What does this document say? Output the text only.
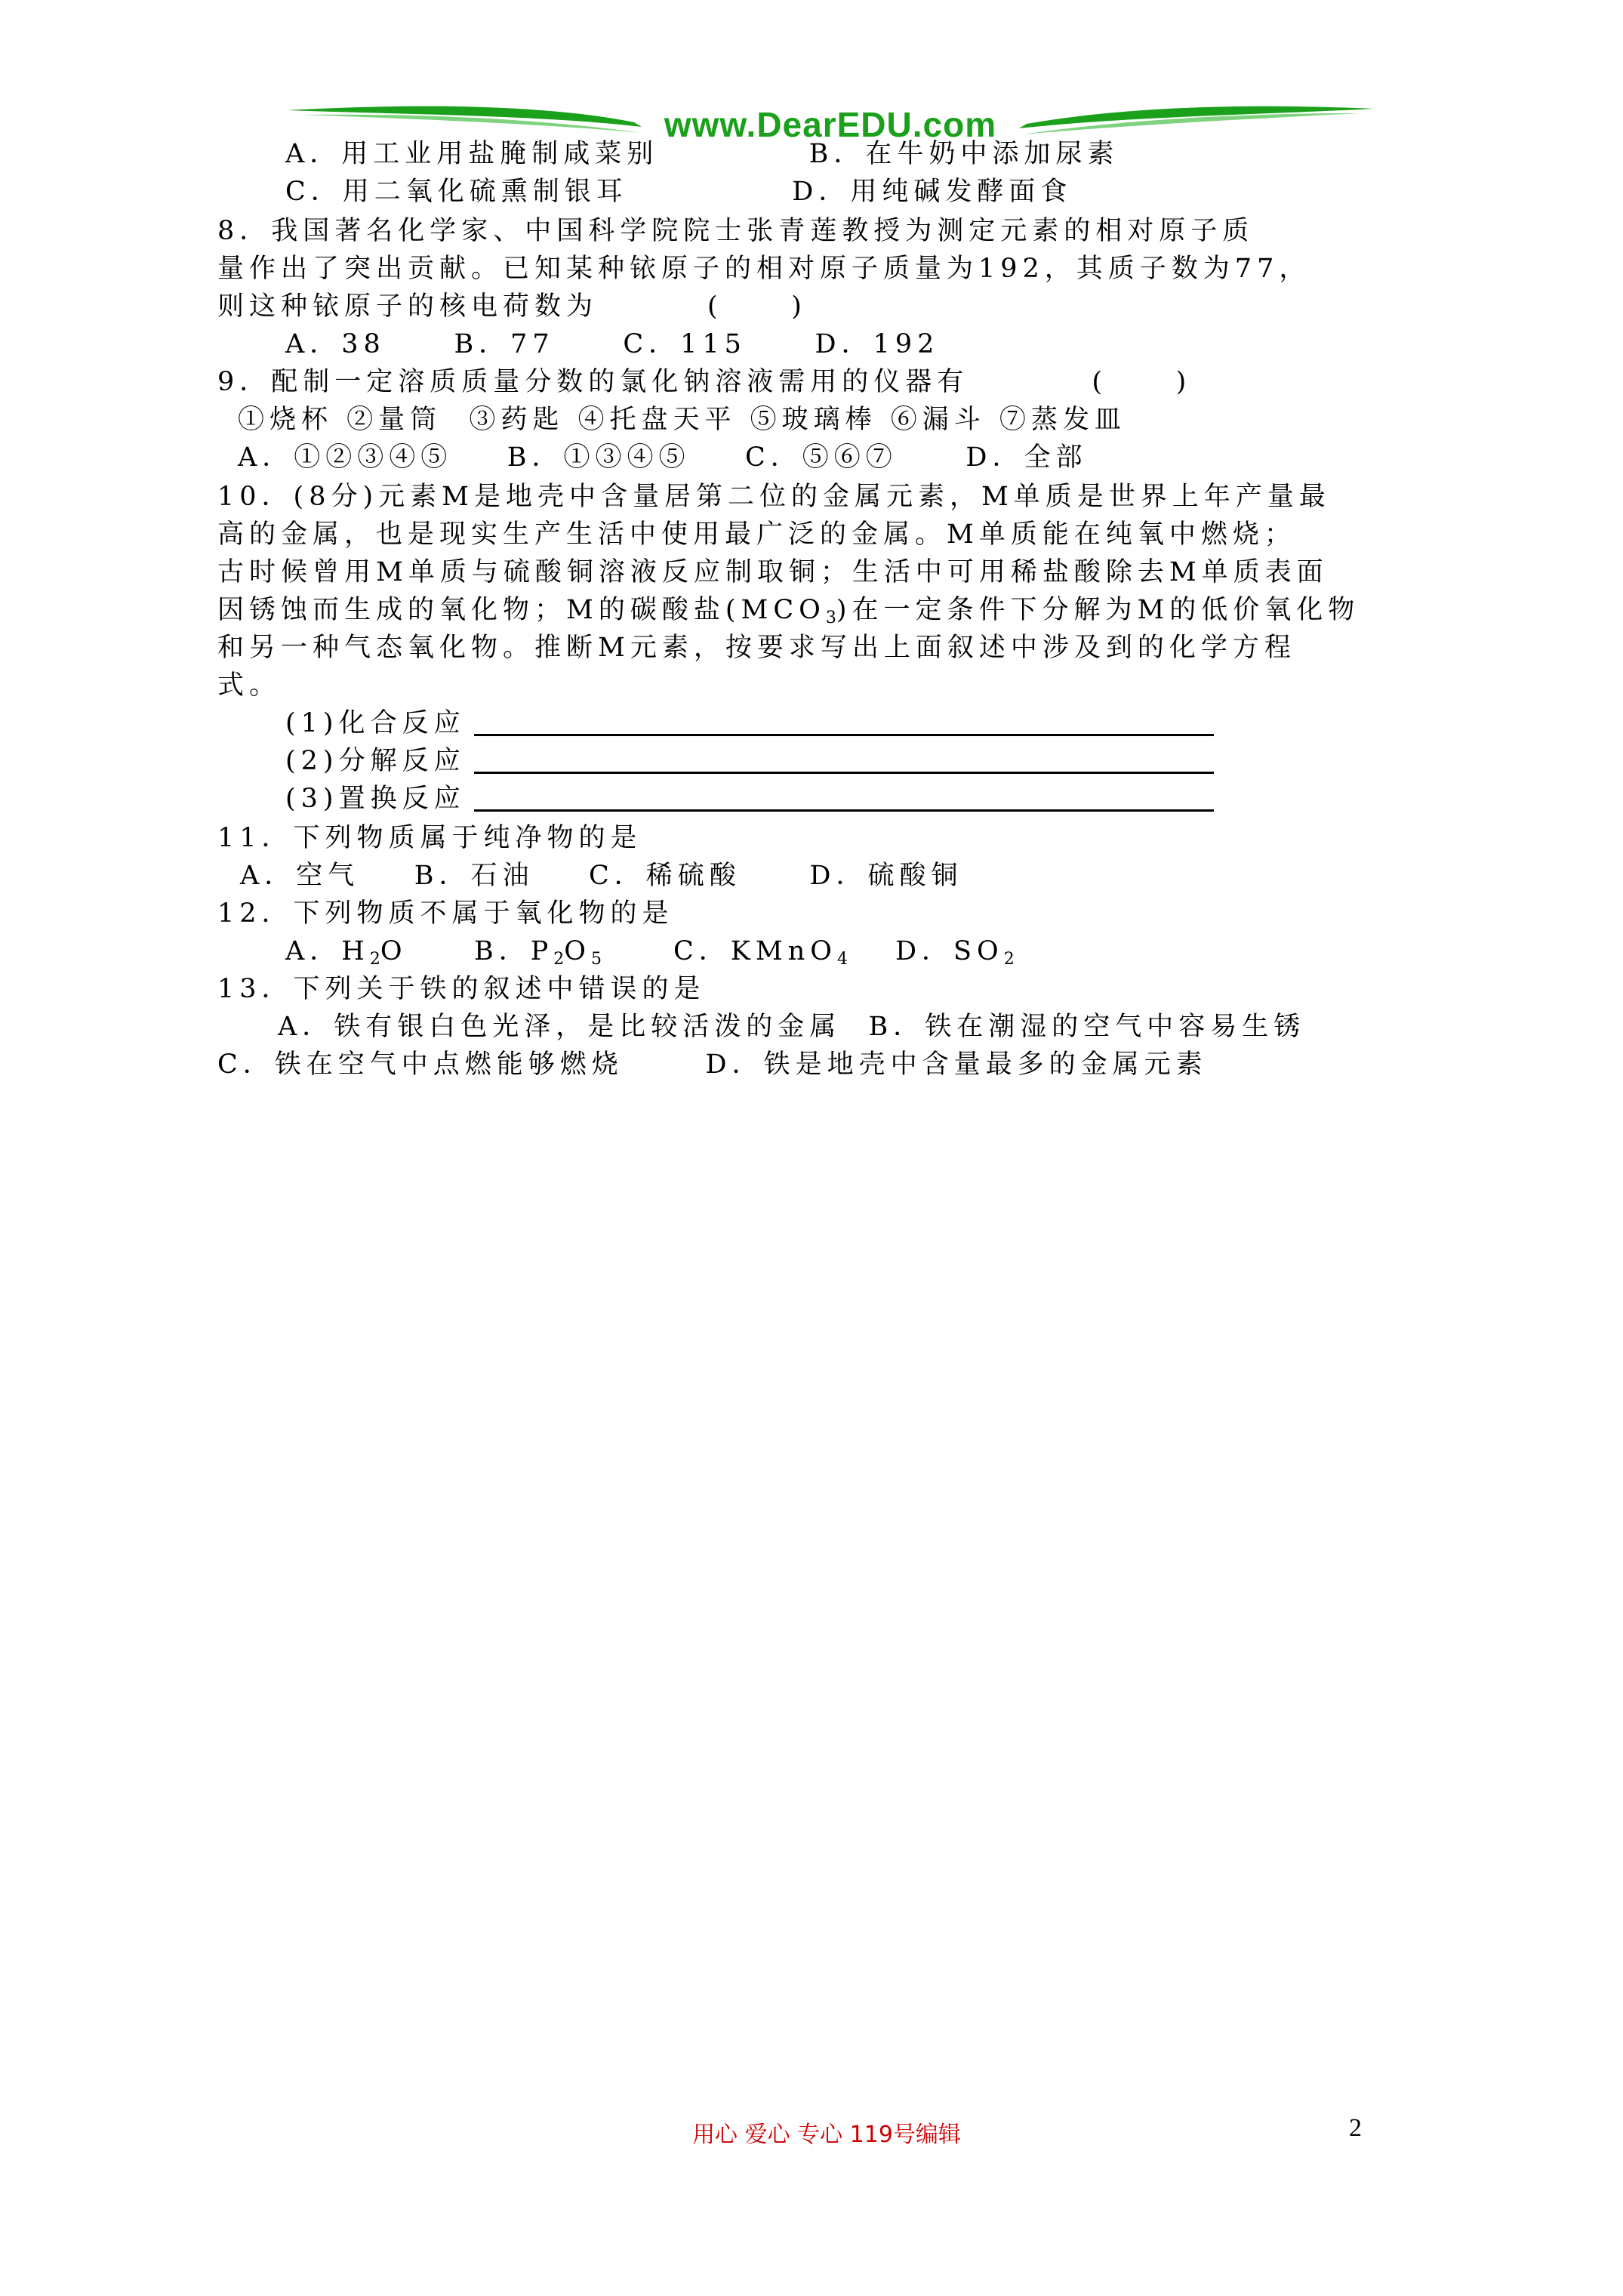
www.DearEDU.com
A．用工业用盐腌制咸菜别           B．在牛奶中添加尿素
C．用二氧化硫熏制银耳            D．用纯碱发酵面食
8．我国著名化学家、中国科学院院士张青莲教授为测定元素的相对原子质
量作出了突出贡献。已知某种铱原子的相对原子质量为192，其质子数为77，
则这种铱原子的核电荷数为        (     )
A．38     B．77     C．115     D．192
9．配制一定溶质质量分数的氯化钠溶液需用的仪器有         (     )
①烧杯 ②量筒  ③药匙 ④托盘天平 ⑤玻璃棒 ⑥漏斗 ⑦蒸发皿
A．①②③④⑤    B．①③④⑤    C．⑤⑥⑦     D．全部
10．(8分)元素M是地壳中含量居第二位的金属元素，M单质是世界上年产量最
高的金属，也是现实生产生活中使用最广泛的金属。M单质能在纯氧中燃烧；
古时候曾用M单质与硫酸铜溶液反应制取铜；生活中可用稀盐酸除去M单质表面
因锈蚀而生成的氧化物；M的碳酸盐$(MCO_3)$在一定条件下分解为M的低价氧化物
和另一种气态氧化物。推断M元素，按要求写出上面叙述中涉及到的化学方程
式。
(1)化合反应
(2)分解反应
(3)置换反应
11．下列物质属于纯净物的是
A．空气    B．石油    C．稀硫酸     D．硫酸铜
12．下列物质不属于氧化物的是
A．$H_2O$	B．$P_2O_5$	C．KMnO$_4$ D．$SO_2$
13．下列关于铁的叙述中错误的是
A．铁有银白色光泽，是比较活泼的金属  B．铁在潮湿的空气中容易生锈
C．铁在空气中点燃能够燃烧      D．铁是地壳中含量最多的金属元素
用心 爱心 专心 119号编辑	2
